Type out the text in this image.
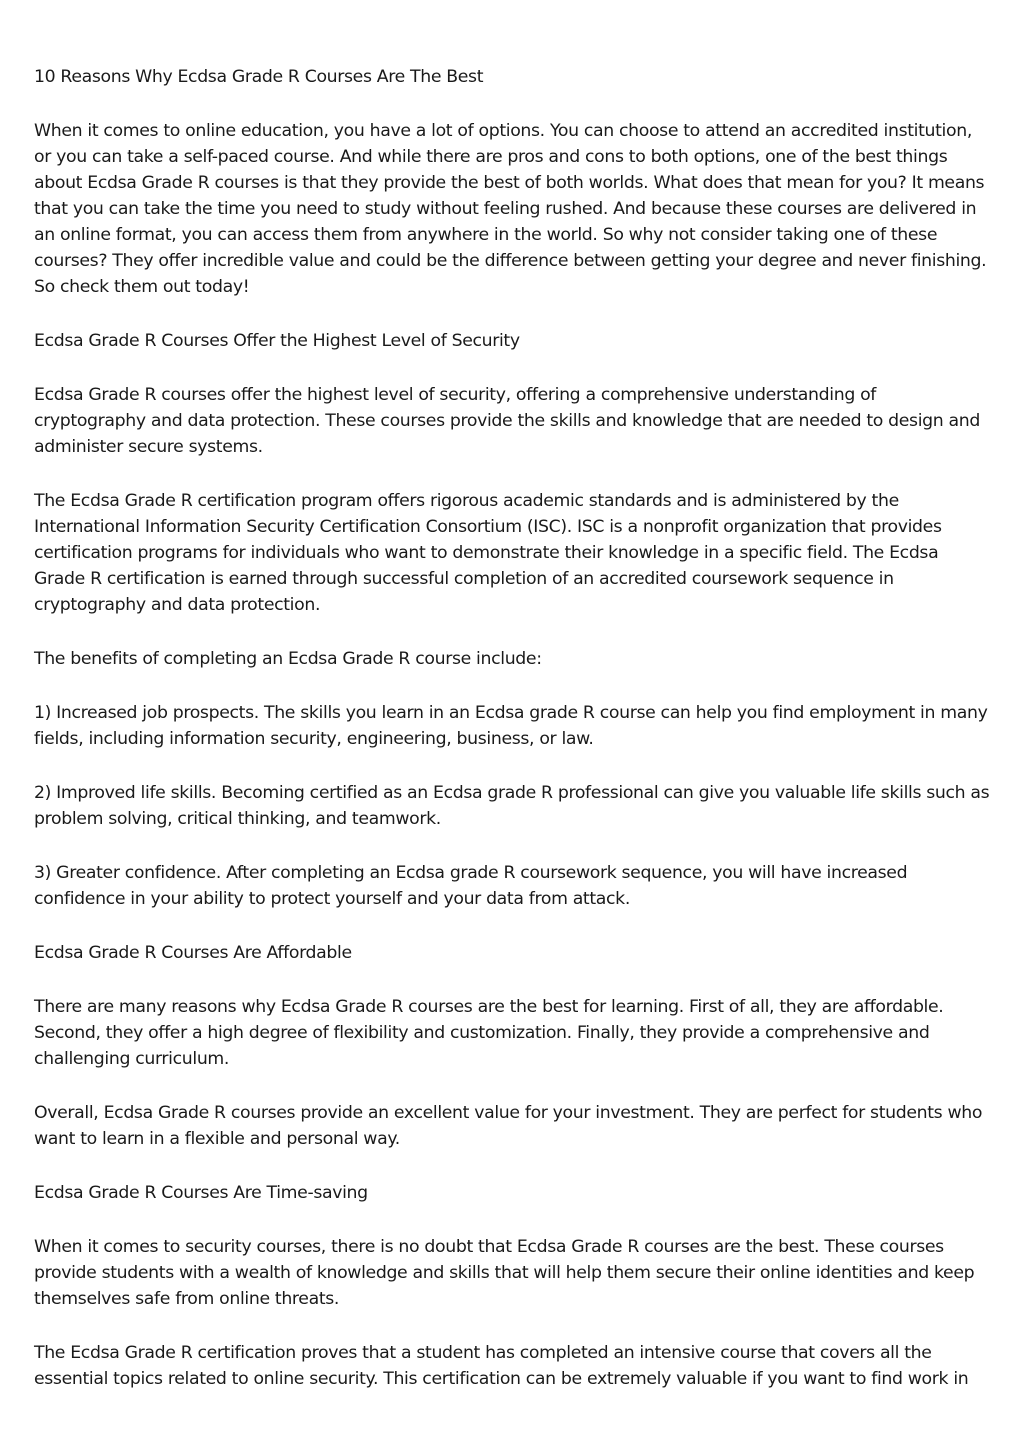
10 Reasons Why Ecdsa Grade R Courses Are The Best

When it comes to online education, you have a lot of options. You can choose to attend an accredited institution, or you can take a self-paced course. And while there are pros and cons to both options, one of the best things about Ecdsa Grade R courses is that they provide the best of both worlds. What does that mean for you? It means that you can take the time you need to study without feeling rushed. And because these courses are delivered in an online format, you can access them from anywhere in the world. So why not consider taking one of these courses? They offer incredible value and could be the difference between getting your degree and never finishing. So check them out today!

Ecdsa Grade R Courses Offer the Highest Level of Security

Ecdsa Grade R courses offer the highest level of security, offering a comprehensive understanding of cryptography and data protection. These courses provide the skills and knowledge that are needed to design and administer secure systems.

The Ecdsa Grade R certification program offers rigorous academic standards and is administered by the International Information Security Certification Consortium (ISC). ISC is a nonprofit organization that provides certification programs for individuals who want to demonstrate their knowledge in a specific field. The Ecdsa Grade R certification is earned through successful completion of an accredited coursework sequence in cryptography and data protection.

The benefits of completing an Ecdsa Grade R course include:

1) Increased job prospects. The skills you learn in an Ecdsa grade R course can help you find employment in many fields, including information security, engineering, business, or law.

2) Improved life skills. Becoming certified as an Ecdsa grade R professional can give you valuable life skills such as problem solving, critical thinking, and teamwork.

3) Greater confidence. After completing an Ecdsa grade R coursework sequence, you will have increased confidence in your ability to protect yourself and your data from attack.

Ecdsa Grade R Courses Are Affordable

There are many reasons why Ecdsa Grade R courses are the best for learning. First of all, they are affordable. Second, they offer a high degree of flexibility and customization. Finally, they provide a comprehensive and challenging curriculum.

Overall, Ecdsa Grade R courses provide an excellent value for your investment. They are perfect for students who want to learn in a flexible and personal way.

Ecdsa Grade R Courses Are Time-saving

When it comes to security courses, there is no doubt that Ecdsa Grade R courses are the best. These courses provide students with a wealth of knowledge and skills that will help them secure their online identities and keep themselves safe from online threats.

The Ecdsa Grade R certification proves that a student has completed an intensive course that covers all the essential topics related to online security. This certification can be extremely valuable if you want to find work in
